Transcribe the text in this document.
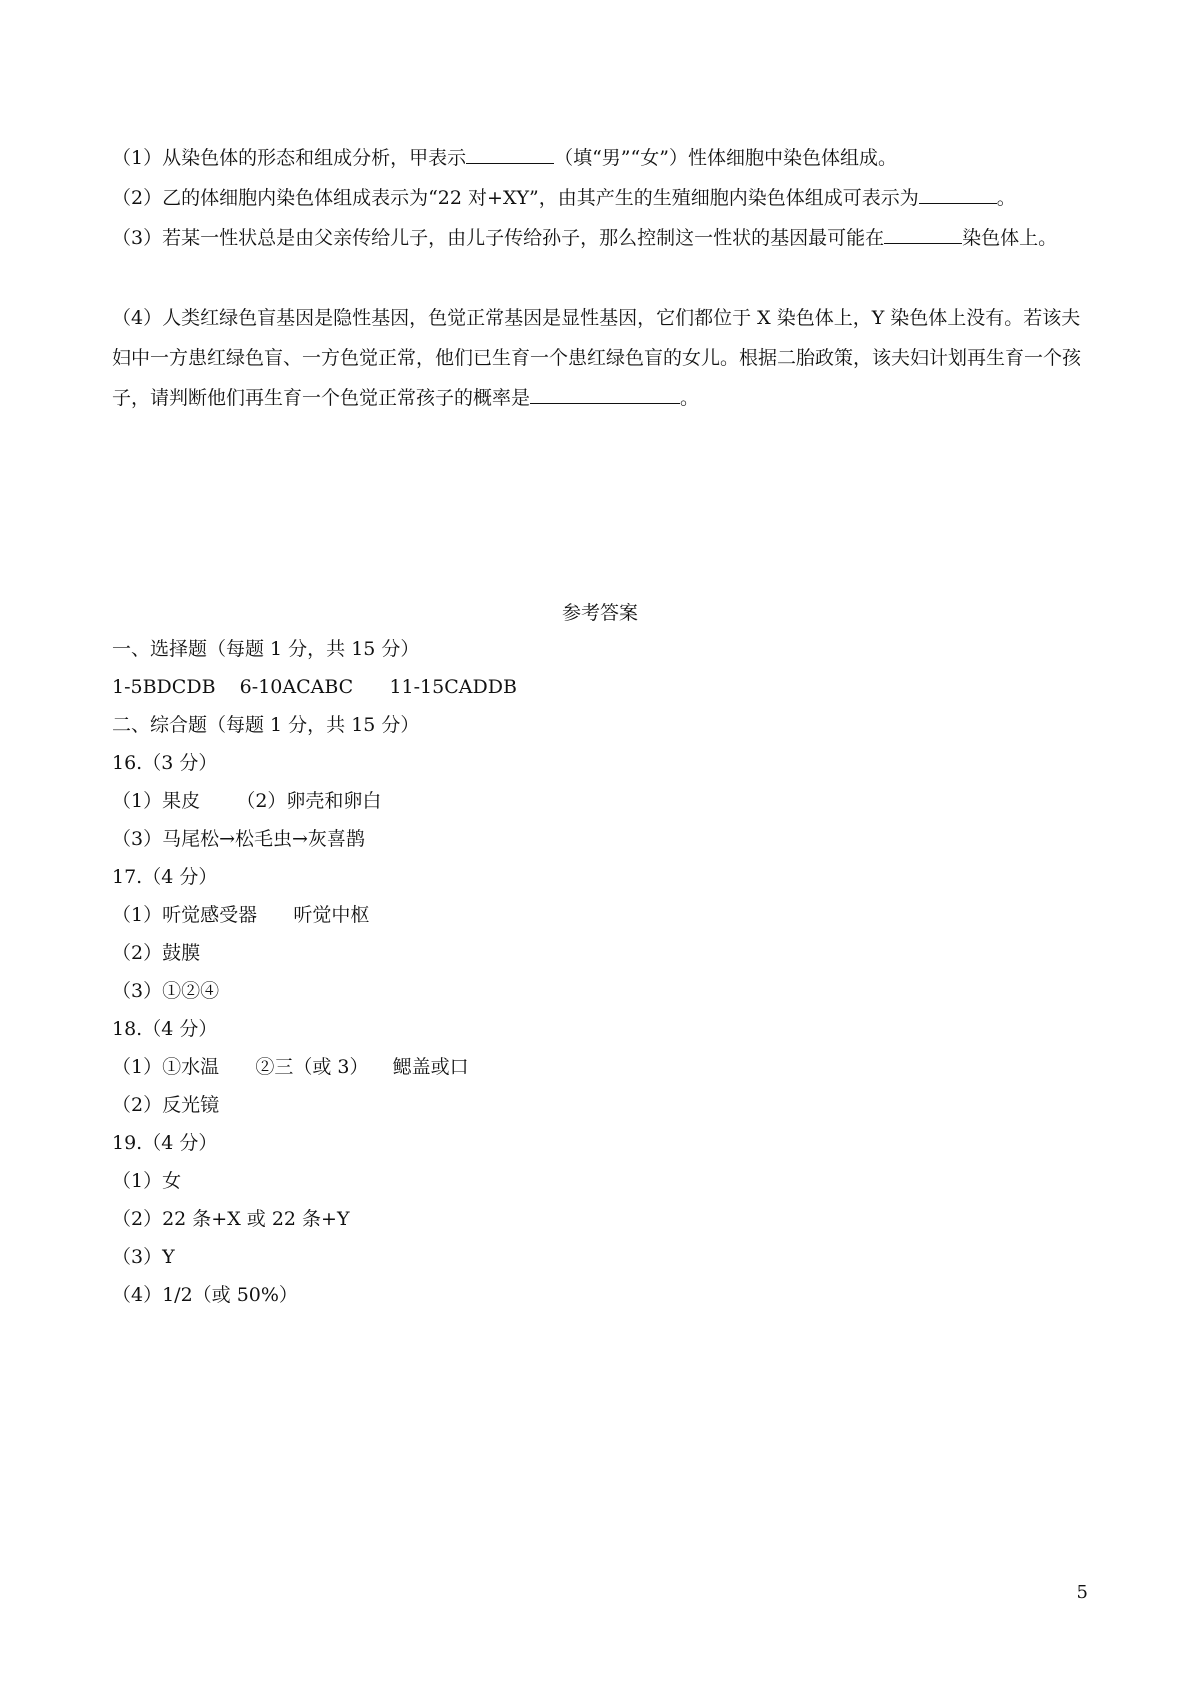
（1）从染色体的形态和组成分析，甲表示	（填“男”“女”）性体细胞中染色体组成。
（2）乙的体细胞内染色体组成表示为“22 对+XY”，由其产生的生殖细胞内染色体组成可表示为	。
（3）若某一性状总是由父亲传给儿子，由儿子传给孙子，那么控制这一性状的基因最可能在	染色体上。
（4）人类红绿色盲基因是隐性基因，色觉正常基因是显性基因，它们都位于 X 染色体上，Y 染色体上没有。若该夫妇中一方患红绿色盲、一方色觉正常，他们已生育一个患红绿色盲的女儿。根据二胎政策，该夫妇计划再生育一个孩子，请判断他们再生育一个色觉正常孩子的概率是	。
参考答案
一、选择题（每题 1 分，共 15 分）
1-5BDCDB    6-10ACABC      11-15CADDB
二、综合题（每题 1 分，共 15 分）
16.（3 分）
（1）果皮      （2）卵壳和卵白
（3）马尾松→松毛虫→灰喜鹊
17.（4 分）
（1）听觉感受器      听觉中枢
（2）鼓膜
（3）①②④
18.（4 分）
（1）①水温      ②三（或 3）    鳃盖或口
（2）反光镜
19.（4 分）
（1）女
（2）22 条+X 或 22 条+Y
（3）Y
（4）1/2（或 50%）
5
